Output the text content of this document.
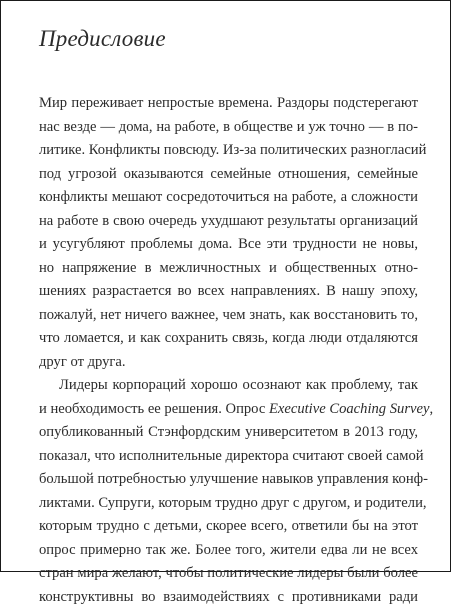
Предисловие
Мир переживает непростые времена. Раздоры подстерегают
нас везде — дома, на работе, в обществе и уж точно — в по-
литике. Конфликты повсюду. Из-за политических разногласий
под угрозой оказываются семейные отношения, семейные
конфликты мешают сосредоточиться на работе, а сложности
на работе в свою очередь ухудшают результаты организаций
и усугубляют проблемы дома. Все эти трудности не новы,
но напряжение в межличностных и общественных отно-
шениях разрастается во всех направлениях. В нашу эпоху,
пожалуй, нет ничего важнее, чем знать, как восстановить то,
что ломается, и как сохранить связь, когда люди отдаляются
друг от друга.
Лидеры корпораций хорошо осознают как проблему, так
и необходимость ее решения. Опрос Executive Coaching Survey,
опубликованный Стэнфордским университетом в 2013 году,
показал, что исполнительные директора считают своей самой
большой потребностью улучшение навыков управления конф-
ликтами. Супруги, которым трудно друг с другом, и родители,
которым трудно с детьми, скорее всего, ответили бы на этот
опрос примерно так же. Более того, жители едва ли не всех
стран мира желают, чтобы политические лидеры были более
конструктивны во взаимодействиях с противниками ради
